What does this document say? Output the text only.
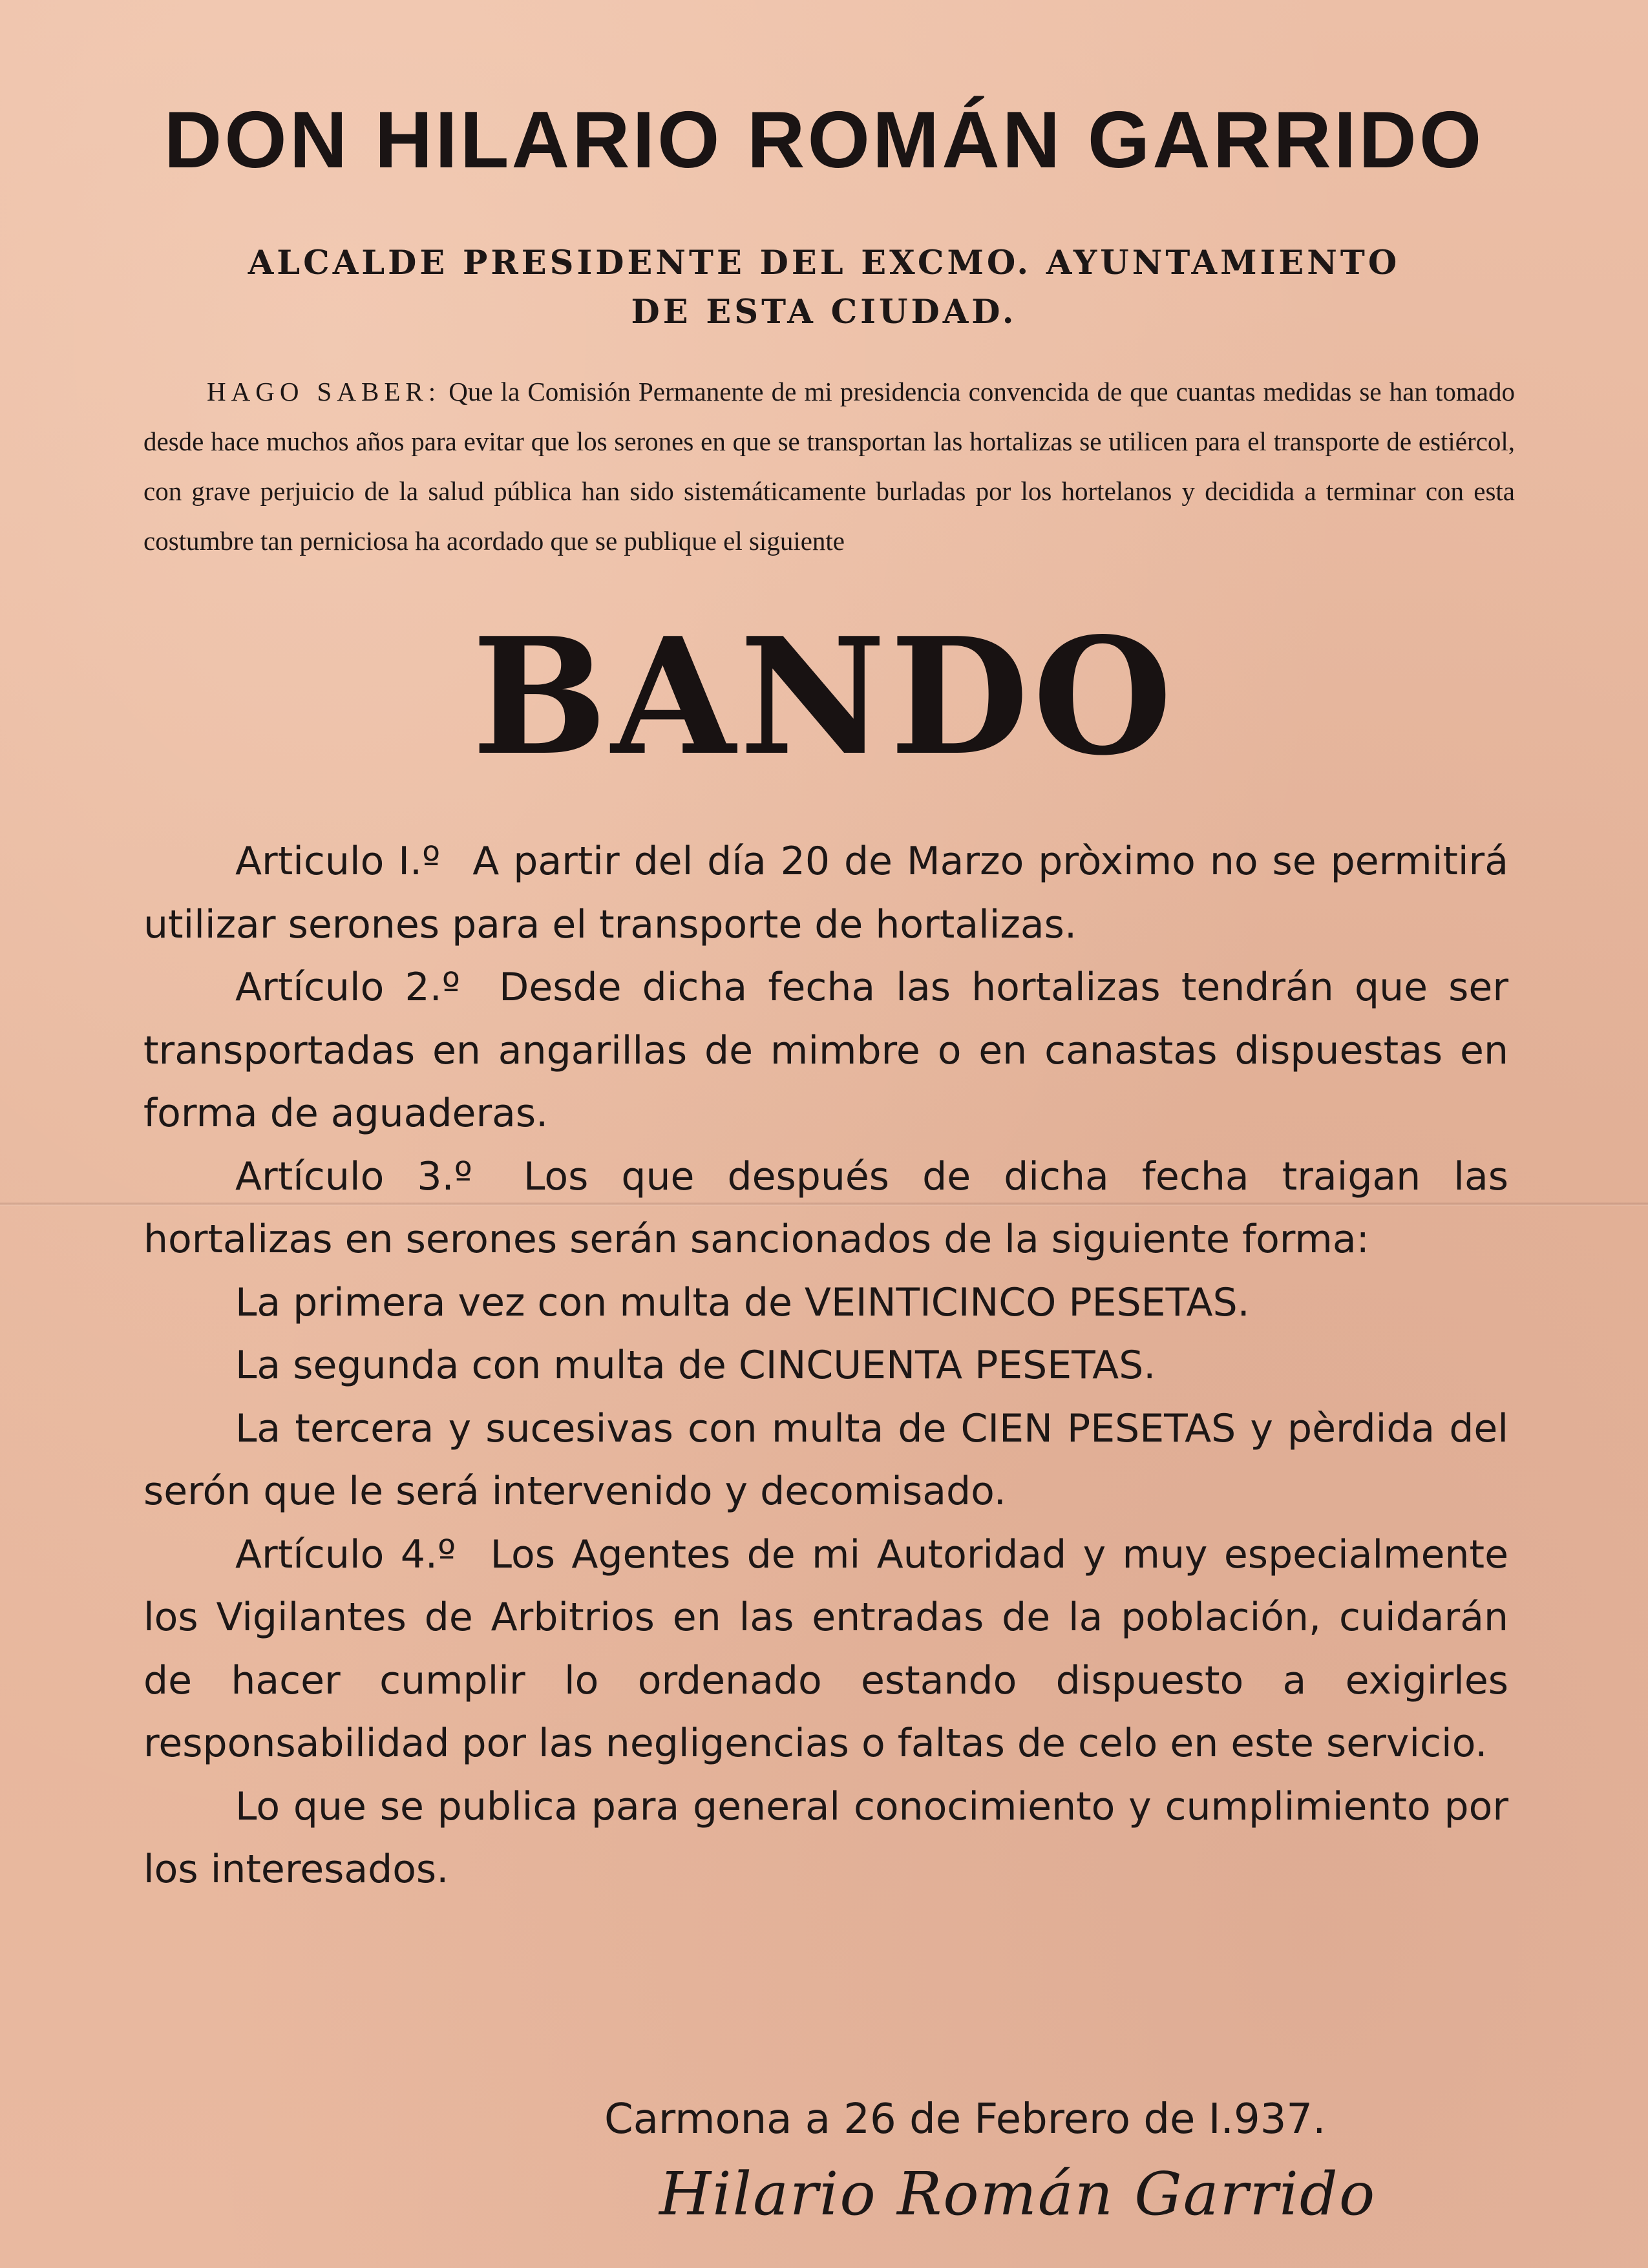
DON HILARIO ROMÁN GARRIDO

ALCALDE PRESIDENTE DEL EXCMO. AYUNTAMIENTO

DE ESTA CIUDAD.

HAGO SABER: Que la Comisión Permanente de mi presidencia convencida de que cuantas medidas se han tomado desde hace muchos años para evitar que los serones en que se transportan las hortalizas se utilicen para el transporte de estiércol, con grave perjuicio de la salud pública han sido sistemáticamente burladas por los hortelanos y decidida a terminar con esta costumbre tan perniciosa ha acordado que se publique el siguiente

BANDO

Articulo I.º A partir del día 20 de Marzo pròximo no se permitirá utilizar serones para el transporte de hortalizas.

Artículo 2.º Desde dicha fecha las hortalizas tendrán que ser transportadas en angarillas de mimbre o en canastas dispuestas en forma de aguaderas.

Artículo 3.º Los que después de dicha fecha traigan las hortalizas en serones serán sancionados de la siguiente forma:

La primera vez con multa de VEINTICINCO PESETAS.

La segunda con multa de CINCUENTA PESETAS.

La tercera y sucesivas con multa de CIEN PESETAS y pèrdida del serón que le será intervenido y decomisado.

Artículo 4.º Los Agentes de mi Autoridad y muy especialmente los Vigilantes de Arbitrios en las entradas de la población, cuidarán de hacer cumplir lo ordenado estando dispuesto a exigirles responsabilidad por las negligencias o faltas de celo en este servicio.

Lo que se publica para general conocimiento y cumplimiento por los interesados.

Carmona a 26 de Febrero de I.937.

Hilario Román Garrido
